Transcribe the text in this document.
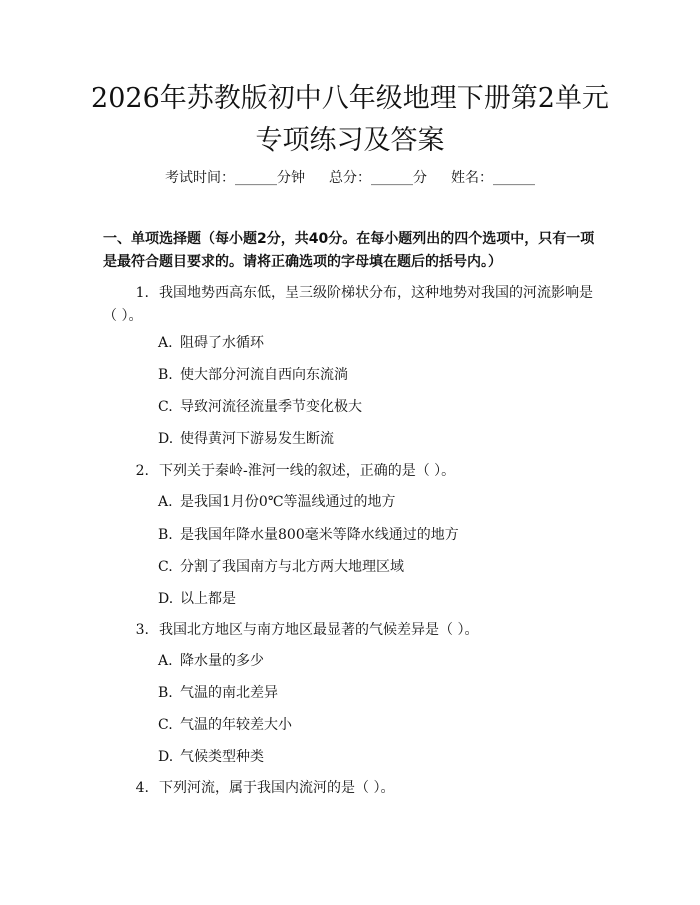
2026年苏教版初中八年级地理下册第2单元
专项练习及答案
考试时间：______分钟 总分：______分 姓名：______

一、单项选择题（每小题2分，共40分。在每小题列出的四个选项中，只有一项是最符合题目要求的。请将正确选项的字母填在题后的括号内。）

1. 我国地势西高东低，呈三级阶梯状分布，这种地势对我国的河流影响是（ ）。
A. 阻碍了水循环
B. 使大部分河流自西向东流淌
C. 导致河流径流量季节变化极大
D. 使得黄河下游易发生断流
2. 下列关于秦岭-淮河一线的叙述，正确的是（ ）。
A. 是我国1月份0℃等温线通过的地方
B. 是我国年降水量800毫米等降水线通过的地方
C. 分割了我国南方与北方两大地理区域
D. 以上都是
3. 我国北方地区与南方地区最显著的气候差异是（ ）。
A. 降水量的多少
B. 气温的南北差异
C. 气温的年较差大小
D. 气候类型种类
4. 下列河流，属于我国内流河的是（ ）。
